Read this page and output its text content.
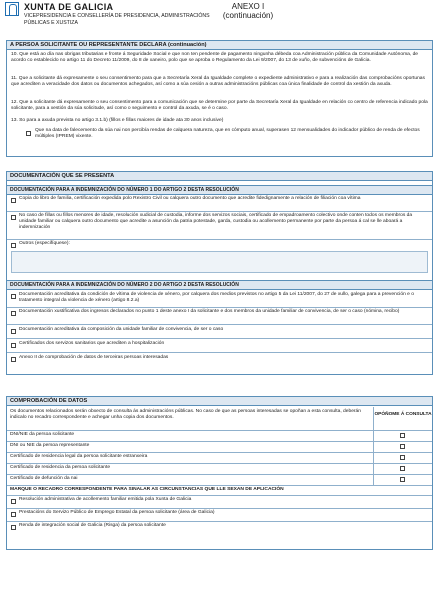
XUNTA DE GALICIA
VICEPRESIDENCIA E CONSELLERÍA DE PRESIDENCIA, ADMINISTRACIÓNS PÚBLICAS E XUSTIZA
ANEXO I
(continuación)
A PERSOA SOLICITANTE OU REPRESENTANTE DECLARA (continuación)
10. Que está ao día nas obrigas tributarias e fronte á Seguridade Social e que non ten pendente de pagamento ningunha débeda coa Administración pública da Comunidade Autónoma, de acordo co establecido no artigo 11 do Decreto 11/2009, do 8 de xaneiro, polo que se aproba o Regulamento da Lei 9/2007, do 13 de xuño, de subvencións de Galicia.
11. Que a solicitante dá expresamente o seu consentimento para que a Secretaría Xeral da Igualdade complete o expediente administrativo e para a realización das comprobacións oportunas que acrediten a veracidade dos datos ou documentos achegados, así como a súa cesión a outras administracións públicas coa única finalidade de control da xestión da axuda.
12. Que a solicitante dá expresamente o seu consentimento para a comunicación que se determine por parte da Secretaría Xeral da Igualdade en relación co centro de referencia indicado pola solicitante, para a xestión da súa solicitude, así como o seguimento e control da axuda, se é o caso.
13. So para a axuda prevista no artigo 3.1.b) (fillos e fillas maiores de idade ata 30 anos inclusive)
Que na data de falecemento da súa nai non percibía rendas de calquera natureza, que en cómputo anual, superasen 12 mensualidades do indicador público de renda de efectos múltiples (IPREM) vixente.
DOCUMENTACIÓN QUE SE PRESENTA
DOCUMENTACIÓN PARA A INDEMNIZACIÓN DO NÚMERO 1 DO ARTIGO 2 DESTA RESOLUCIÓN
Copia do libro de familia, certificación expedida polo Rexistro Civil ou calquera outro documento que acredite fidedignamente a relación de filiación coa vítima
No caso de fillas ou fillos menores de idade, resolución xudicial de custodia, informe dos servizos sociais, certificado de empadroamento colectivo onde conten todos os membros da unidade familiar ou calquera outro documento que acredite a asunción da patria potestade, garda, custodia ou acollemento permanente por parte da persoa á cal se lle aboará a indemnización
Outros (especifíquese):
DOCUMENTACIÓN PARA A INDEMNIZACIÓN DO NÚMERO 2 DO ARTIGO 2 DESTA RESOLUCIÓN
Documentación acreditativa da condición de vítima de violencia de xénero, por calquera dos medios previstos no artigo 5 da Lei 11/2007, do 27 de xullo, galega para a prevención e o tratamento integral da violencia de xénero (artigo 8.2.a)
Documentación xustificativa dos ingresos declarados no punto 1 deste anexo I da solicitante e dos membros da unidade familiar de convivencia, de ser o caso (nómina, recibo)
Documentación acreditativa da composición da unidade familiar de convivencia, de ser o caso
Certificados dos servizos sanitarios que acrediten a hospitalización
Anexo II de comprobación de datos de terceiras persoas interesadas
COMPROBACIÓN DE DATOS
Os documentos relacionados serán obxecto de consulta ás administracións públicas. No caso de que as persoas interesadas se opoñan a esta consulta, deberán indicalo no recadro correspondente e achegar unha copia dos documentos.
OPÓÑOME Á CONSULTA
DNI/NIE da persoa solicitante
DNI ou NIE da persoa representante
Certificado de residencia legal da persoa solicitante estranxeira
Certificado de residencia da persoa solicitante
Certificado de defunción da nai
MARQUE O RECADRO CORRESPONDENTE PARA SINALAR AS CIRCUNSTANCIAS QUE LLE SEXAN DE APLICACIÓN
Resolución administrativa de acollemento familiar emitida pola Xunta de Galicia
Prestacións do Servizo Público de Emprego Estatal da persoa solicitante (área de Galicia)
Renda de integración social de Galicia (Risga) da persoa solicitante
